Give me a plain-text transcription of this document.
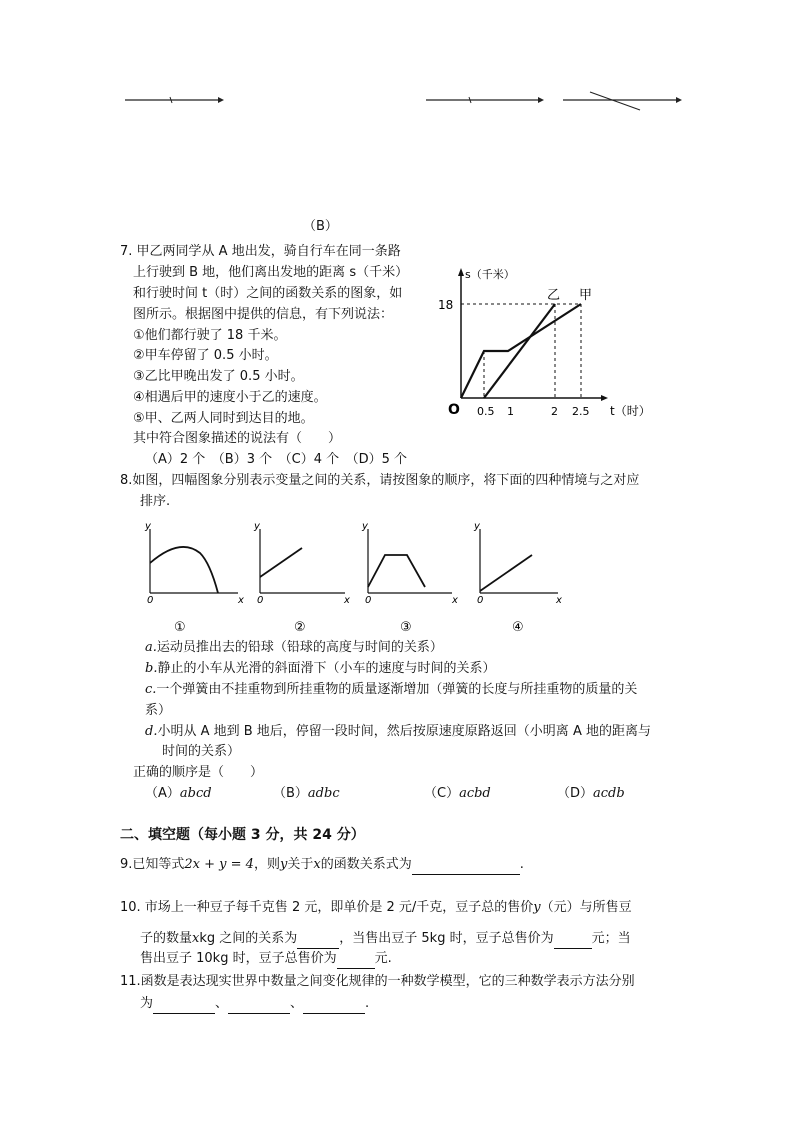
（B）
7. 甲乙两同学从 A 地出发，骑自行车在同一条路
上行驶到 B 地，他们离出发地的距离 s（千米）
和行驶时间 t（时）之间的函数关系的图象，如
图所示。根据图中提供的信息，有下列说法：
①他们都行驶了 18 千米。
②甲车停留了 0.5 小时。
③乙比甲晚出发了 0.5 小时。
④相遇后甲的速度小于乙的速度。
⑤甲、乙两人同时到达目的地。
其中符合图象描述的说法有（　　）
（A）2 个　（B）3 个　（C）4 个　（D）5 个
s（千米）
18
O 0.5 1	2 2.5 t（时）
乙 甲
8.如图，四幅图象分别表示变量之间的关系，请按图象的顺序，将下面的四种情境与之对应
排序.
y
0	x
①
y
0	x
②
y
0	x
③
y
0	x
④
a.运动员推出去的铅球（铅球的高度与时间的关系）
b.静止的小车从光滑的斜面滑下（小车的速度与时间的关系）
c.一个弹簧由不挂重物到所挂重物的质量逐渐增加（弹簧的长度与所挂重物的质量的关
系）
d.小明从 A 地到 B 地后，停留一段时间，然后按原速度原路返回（小明离 A 地的距离与
时间的关系）
正确的顺序是（　　）
（A）abcd	（B）adbc	（C）acbd	（D）acdb
二、填空题（每小题 3 分，共 24 分）
9.已知等式2x + y = 4，则y关于x的函数关系式为	.
10. 市场上一种豆子每千克售 2 元，即单价是 2 元/千克，豆子总的售价y（元）与所售豆
子的数量xkg 之间的关系为	，当售出豆子 5kg 时，豆子总售价为	元；当
售出豆子 10kg 时，豆子总售价为	元.
11.函数是表达现实世界中数量之间变化规律的一种数学模型，它的三种数学表示方法分别
为	、	、	.
